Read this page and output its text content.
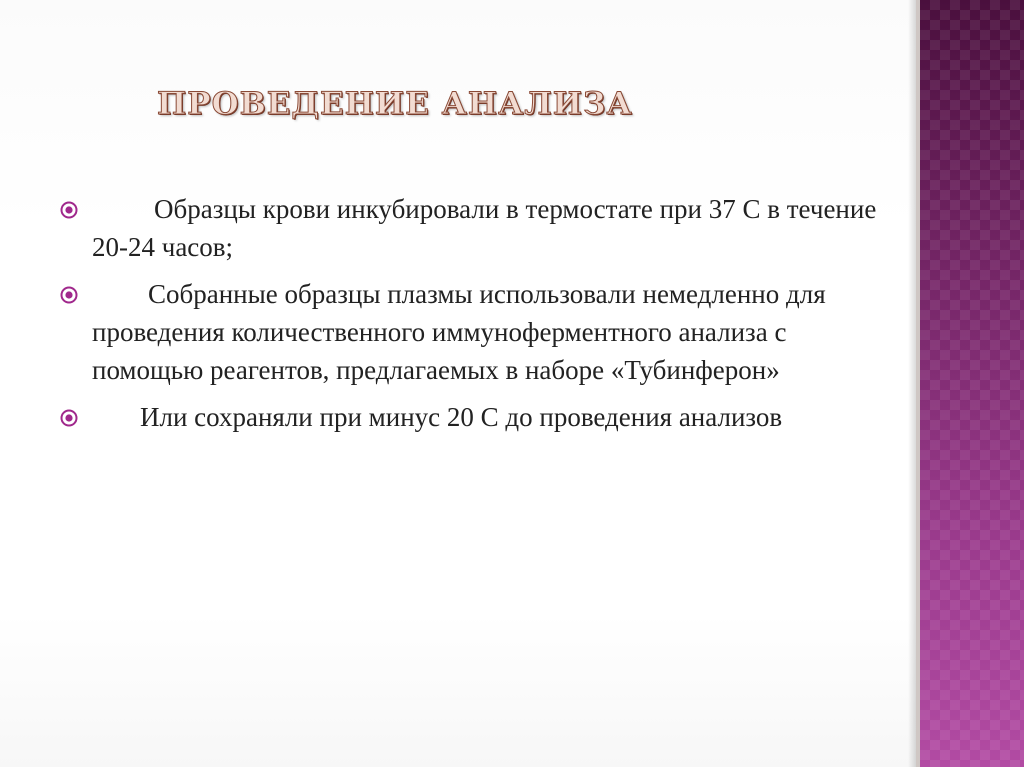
ПРОВЕДЕНИЕ АНАЛИЗА
Образцы крови инкубировали в термостате при 37 С в течение 20-24 часов;
Собранные образцы плазмы использовали немедленно для проведения количественного иммуноферментного анализа с помощью реагентов, предлагаемых в наборе «Тубинферон»
Или сохраняли при минус 20 С до проведения анализов
